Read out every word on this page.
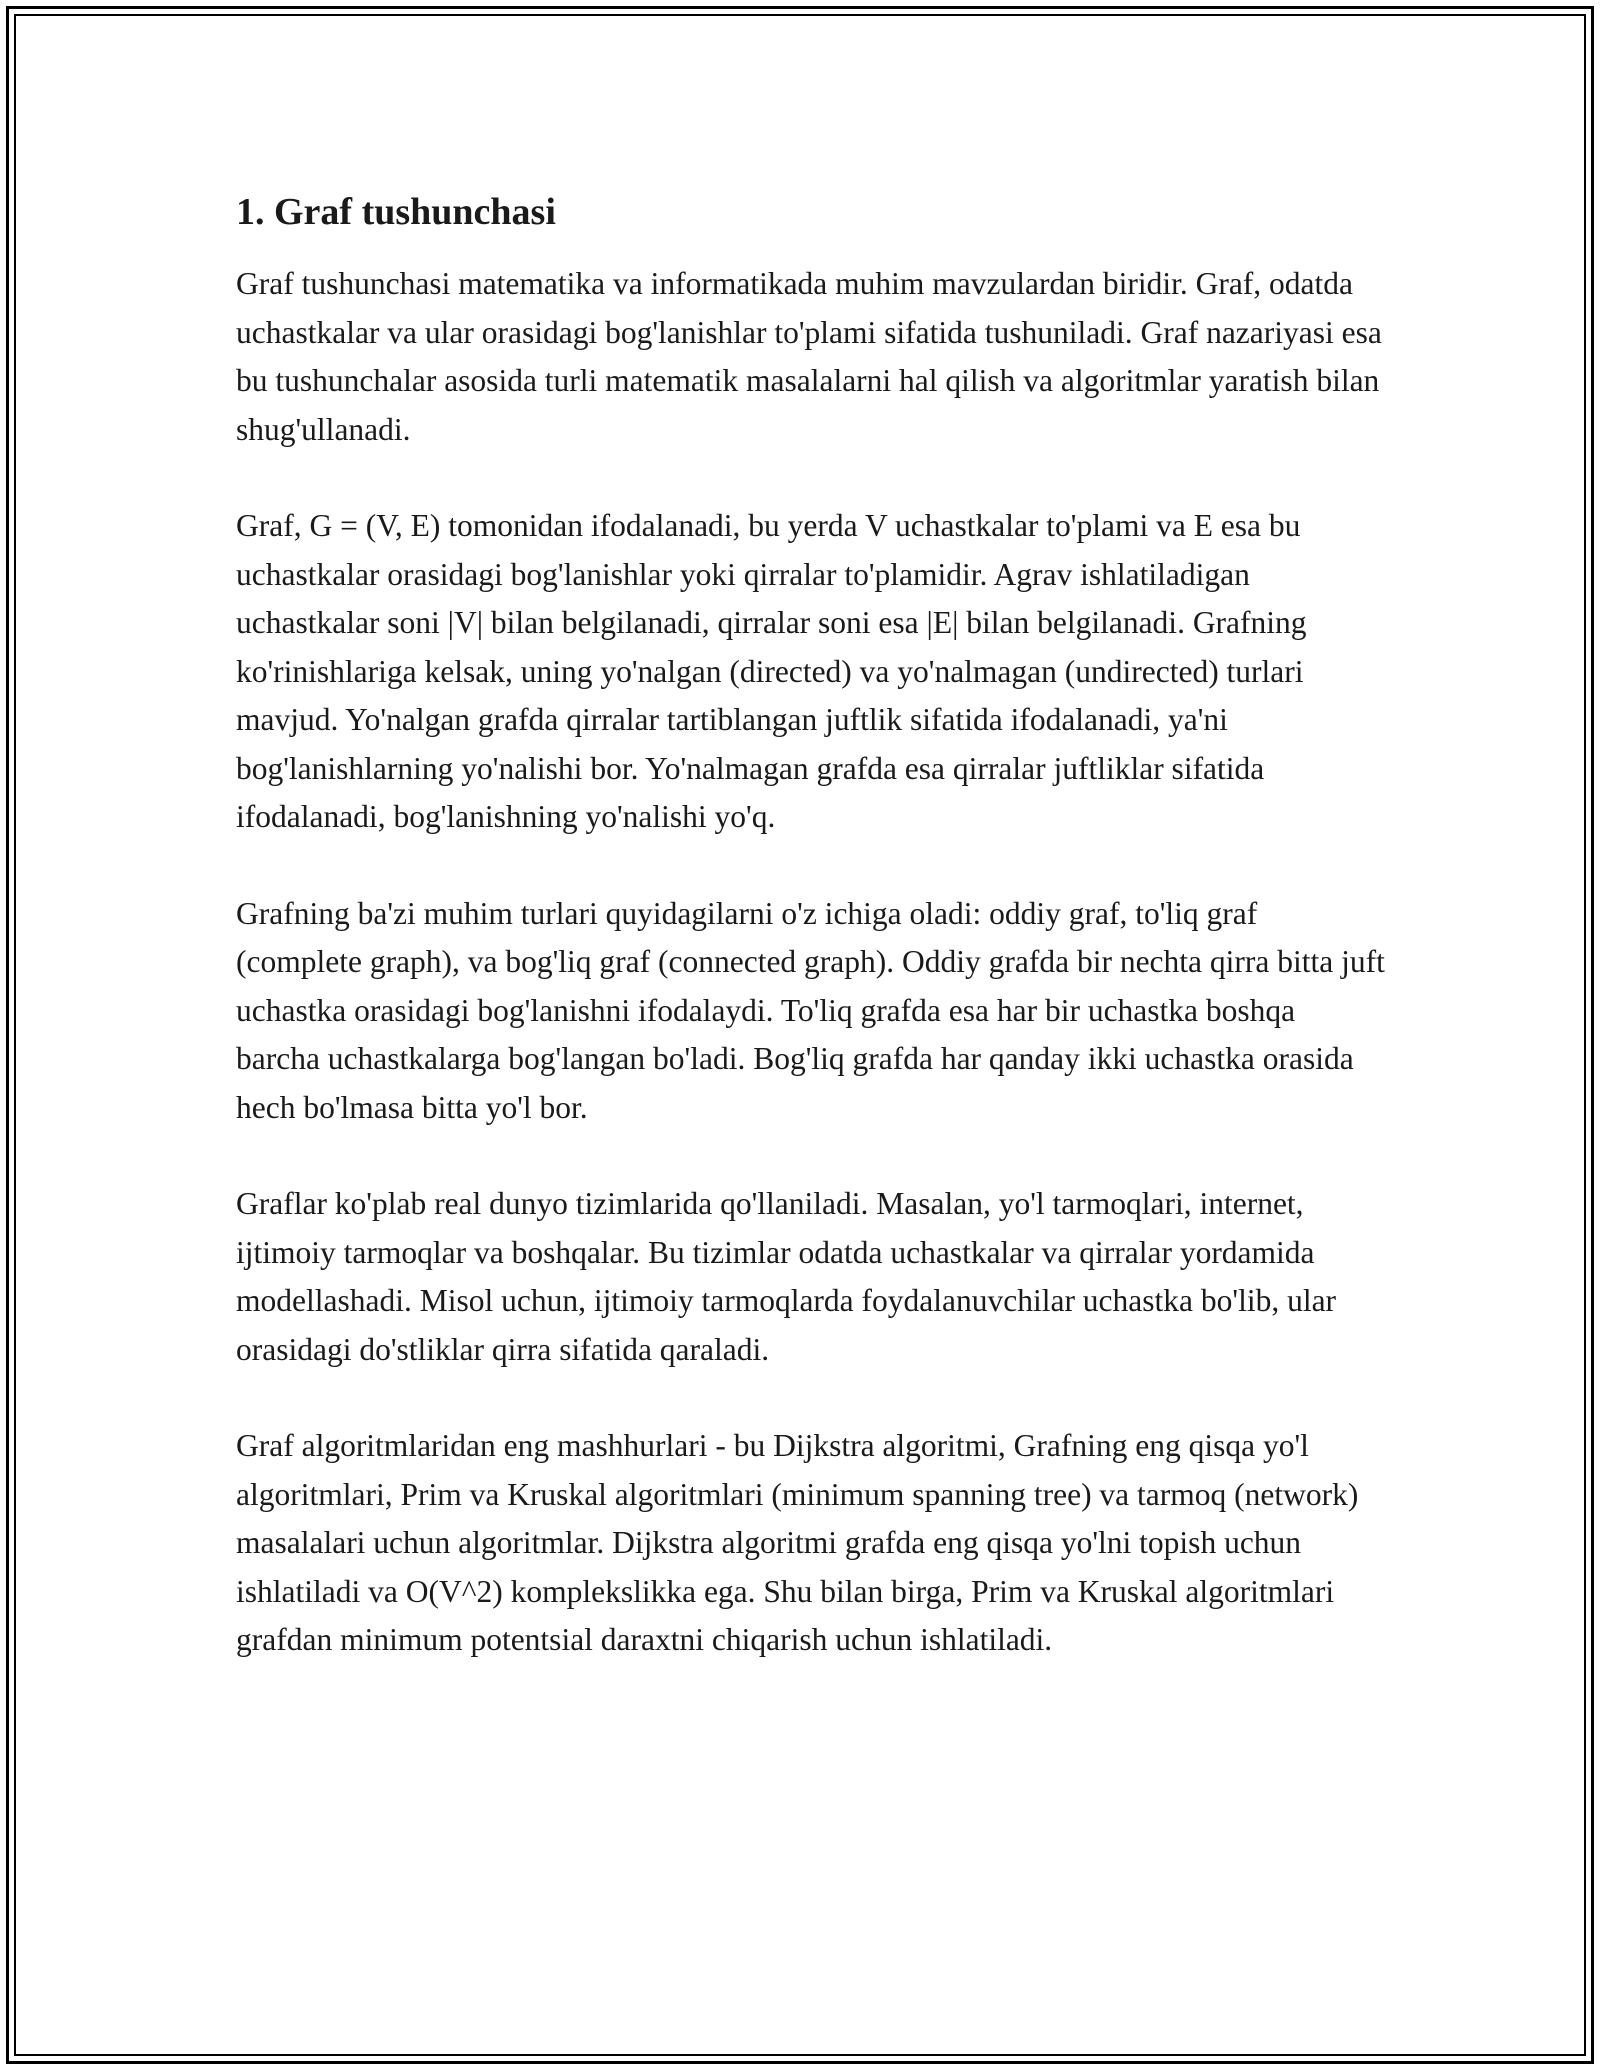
1. Graf tushunchasi

Graf tushunchasi matematika va informatikada muhim mavzulardan biridir. Graf, odatda uchastkalar va ular orasidagi bog'lanishlar to'plami sifatida tushuniladi. Graf nazariyasi esa bu tushunchalar asosida turli matematik masalalarni hal qilish va algoritmlar yaratish bilan shug'ullanadi.

Graf, G = (V, E) tomonidan ifodalanadi, bu yerda V uchastkalar to'plami va E esa bu uchastkalar orasidagi bog'lanishlar yoki qirralar to'plamidir. Agrav ishlatiladigan uchastkalar soni |V| bilan belgilanadi, qirralar soni esa |E| bilan belgilanadi. Grafning ko'rinishlariga kelsak, uning yo'nalgan (directed) va yo'nalmagan (undirected) turlari mavjud. Yo'nalgan grafda qirralar tartiblangan juftlik sifatida ifodalanadi, ya'ni bog'lanishlarning yo'nalishi bor. Yo'nalmagan grafda esa qirralar juftliklar sifatida ifodalanadi, bog'lanishning yo'nalishi yo'q.

Grafning ba'zi muhim turlari quyidagilarni o'z ichiga oladi: oddiy graf, to'liq graf (complete graph), va bog'liq graf (connected graph). Oddiy grafda bir nechta qirra bitta juft uchastka orasidagi bog'lanishni ifodalaydi. To'liq grafda esa har bir uchastka boshqa barcha uchastkalarga bog'langan bo'ladi. Bog'liq grafda har qanday ikki uchastka orasida hech bo'lmasa bitta yo'l bor.

Graflar ko'plab real dunyo tizimlarida qo'llaniladi. Masalan, yo'l tarmoqlari, internet, ijtimoiy tarmoqlar va boshqalar. Bu tizimlar odatda uchastkalar va qirralar yordamida modellashadi. Misol uchun, ijtimoiy tarmoqlarda foydalanuvchilar uchastka bo'lib, ular orasidagi do'stliklar qirra sifatida qaraladi.

Graf algoritmlaridan eng mashhurlari - bu Dijkstra algoritmi, Grafning eng qisqa yo'l algoritmlari, Prim va Kruskal algoritmlari (minimum spanning tree) va tarmoq (network) masalalari uchun algoritmlar. Dijkstra algoritmi grafda eng qisqa yo'lni topish uchun ishlatiladi va O(V^2) komplekslikka ega. Shu bilan birga, Prim va Kruskal algoritmlari grafdan minimum potentsial daraxtni chiqarish uchun ishlatiladi.
